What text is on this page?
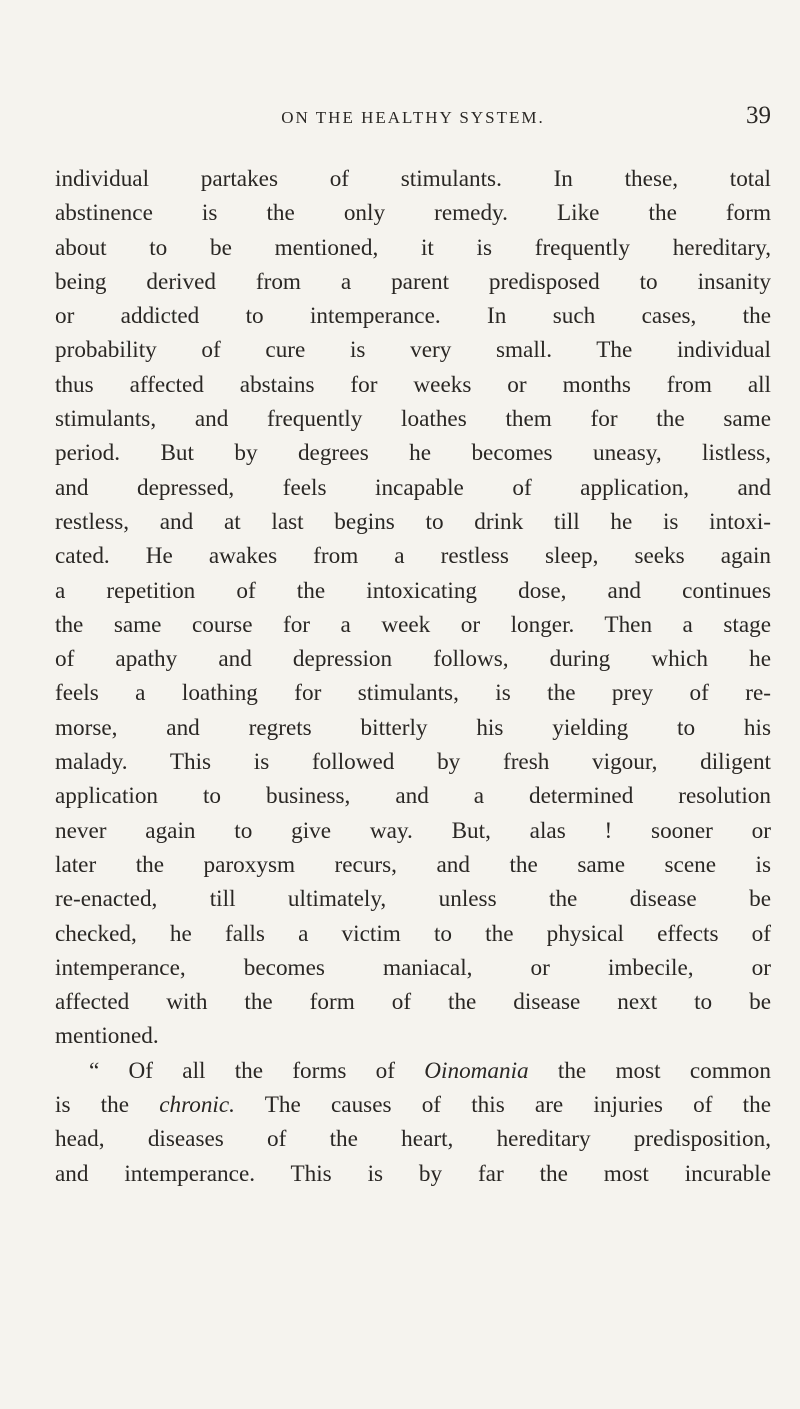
ON THE HEALTHY SYSTEM.	39
individual partakes of stimulants. In these, total
abstinence is the only remedy. Like the form
about to be mentioned, it is frequently hereditary,
being derived from a parent predisposed to insanity
or addicted to intemperance. In such cases, the
probability of cure is very small. The individual
thus affected abstains for weeks or months from all
stimulants, and frequently loathes them for the same
period. But by degrees he becomes uneasy, listless,
and depressed, feels incapable of application, and
restless, and at last begins to drink till he is intoxi-
cated. He awakes from a restless sleep, seeks again
a repetition of the intoxicating dose, and continues
the same course for a week or longer. Then a stage
of apathy and depression follows, during which he
feels a loathing for stimulants, is the prey of re-
morse, and regrets bitterly his yielding to his
malady. This is followed by fresh vigour, diligent
application to business, and a determined resolution
never again to give way. But, alas ! sooner or
later the paroxysm recurs, and the same scene is
re-enacted, till ultimately, unless the disease be
checked, he falls a victim to the physical effects of
intemperance, becomes maniacal, or imbecile, or
affected with the form of the disease next to be
mentioned.
“ Of all the forms of Oinomania the most common
is the chronic. The causes of this are injuries of the
head, diseases of the heart, hereditary predisposition,
and intemperance. This is by far the most incurable
